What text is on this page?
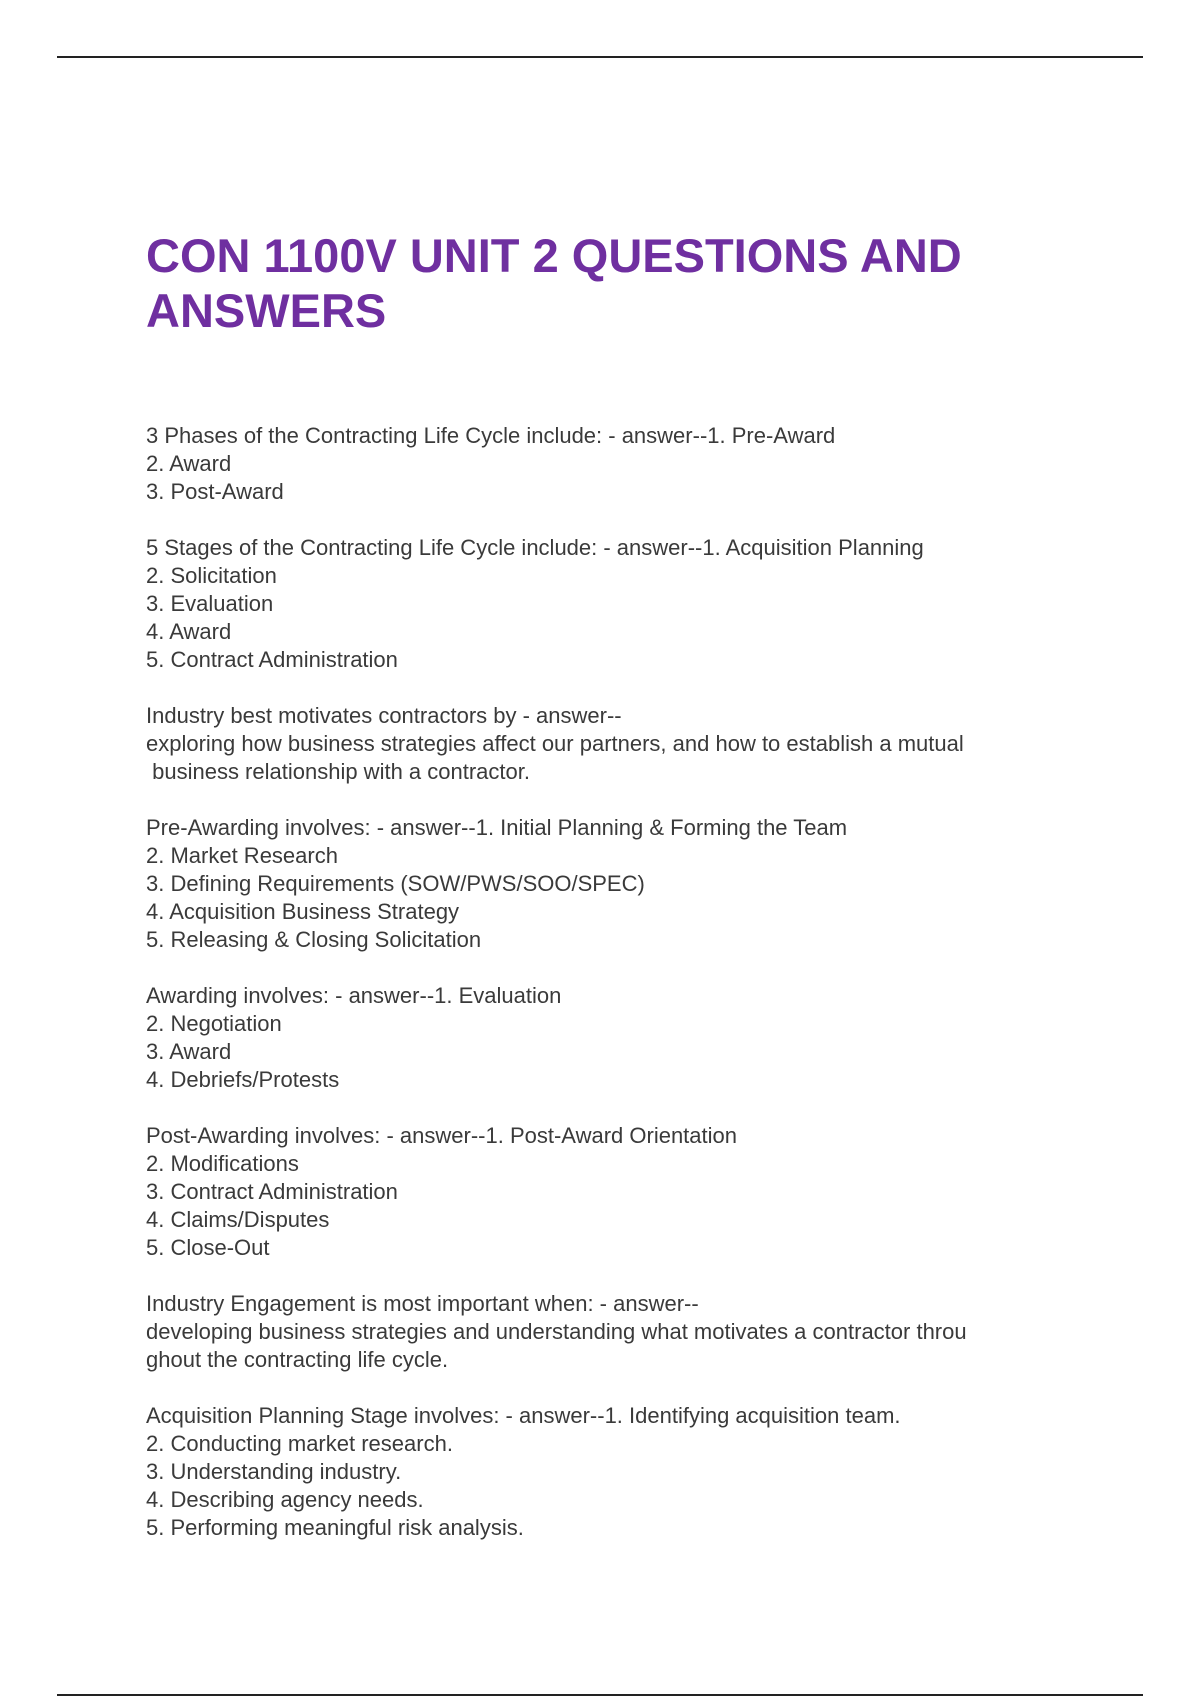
CON 1100V UNIT 2 QUESTIONS AND ANSWERS
3 Phases of the Contracting Life Cycle include: - answer--1. Pre-Award
2. Award
3. Post-Award
5 Stages of the Contracting Life Cycle include: - answer--1. Acquisition Planning
2. Solicitation
3. Evaluation
4. Award
5. Contract Administration
Industry best motivates contractors by - answer--
exploring how business strategies affect our partners, and how to establish a mutual
business relationship with a contractor.
Pre-Awarding involves: - answer--1. Initial Planning & Forming the Team
2. Market Research
3. Defining Requirements (SOW/PWS/SOO/SPEC)
4. Acquisition Business Strategy
5. Releasing & Closing Solicitation
Awarding involves: - answer--1. Evaluation
2. Negotiation
3. Award
4. Debriefs/Protests
Post-Awarding involves: - answer--1. Post-Award Orientation
2. Modifications
3. Contract Administration
4. Claims/Disputes
5. Close-Out
Industry Engagement is most important when: - answer--
developing business strategies and understanding what motivates a contractor throu
ghout the contracting life cycle.
Acquisition Planning Stage involves: - answer--1. Identifying acquisition team.
2. Conducting market research.
3. Understanding industry.
4. Describing agency needs.
5. Performing meaningful risk analysis.
